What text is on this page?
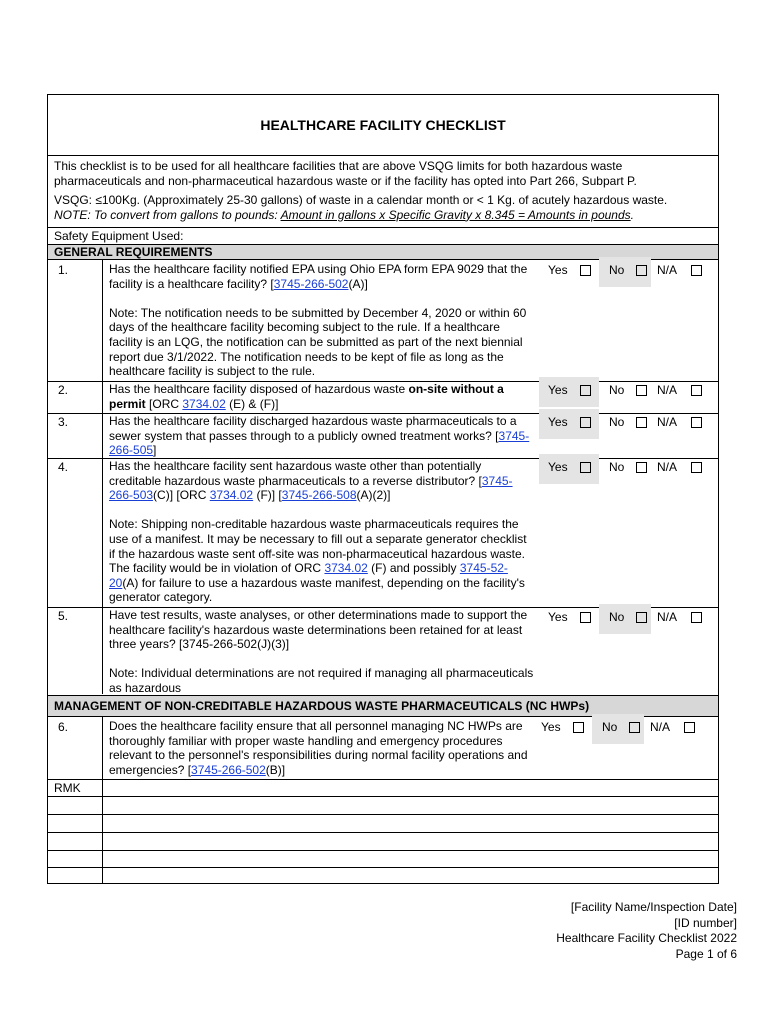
HEALTHCARE FACILITY CHECKLIST

This checklist is to be used for all healthcare facilities that are above VSQG limits for both hazardous waste pharmaceuticals and non-pharmaceutical hazardous waste or if the facility has opted into Part 266, Subpart P.

VSQG: ≤100Kg. (Approximately 25-30 gallons) of waste in a calendar month or < 1 Kg. of acutely hazardous waste.
NOTE: To convert from gallons to pounds: Amount in gallons x Specific Gravity x 8.345 = Amounts in pounds.

Safety Equipment Used:
GENERAL REQUIREMENTS
1.	Has the healthcare facility notified EPA using Ohio EPA form EPA 9029 that the facility is a healthcare facility? [3745-266-502(A)]

Note: The notification needs to be submitted by December 4, 2020 or within 60 days of the healthcare facility becoming subject to the rule. If a healthcare facility is an LQG, the notification can be submitted as part of the next biennial report due 3/1/2022. The notification needs to be kept of file as long as the healthcare facility is subject to the rule.

Yes	No	N/A
2.	Has the healthcare facility disposed of hazardous waste on-site without a permit [ORC 3734.02 (E) & (F)]

Yes	No	N/A
3.	Has the healthcare facility discharged hazardous waste pharmaceuticals to a sewer system that passes through to a publicly owned treatment works? [3745-266-505]

Yes	No	N/A
4.	Has the healthcare facility sent hazardous waste other than potentially creditable hazardous waste pharmaceuticals to a reverse distributor? [3745-266-503(C)] [ORC 3734.02 (F)] [3745-266-508(A)(2)]

Note: Shipping non-creditable hazardous waste pharmaceuticals requires the use of a manifest. It may be necessary to fill out a separate generator checklist if the hazardous waste sent off-site was non-pharmaceutical hazardous waste. The facility would be in violation of ORC 3734.02 (F) and possibly 3745-52-20(A) for failure to use a hazardous waste manifest, depending on the facility's generator category.

Yes	No	N/A
5.	Have test results, waste analyses, or other determinations made to support the healthcare facility's hazardous waste determinations been retained for at least three years? [3745-266-502(J)(3)]

Note: Individual determinations are not required if managing all pharmaceuticals as hazardous

Yes	No	N/A
MANAGEMENT OF NON-CREDITABLE HAZARDOUS WASTE PHARMACEUTICALS (NC HWPs)
6.	Does the healthcare facility ensure that all personnel managing NC HWPs are thoroughly familiar with proper waste handling and emergency procedures relevant to the personnel's responsibilities during normal facility operations and emergencies? [3745-266-502(B)]

Yes	No	N/A
RMK
[Facility Name/Inspection Date]
[ID number]
Healthcare Facility Checklist 2022
Page 1 of 6
